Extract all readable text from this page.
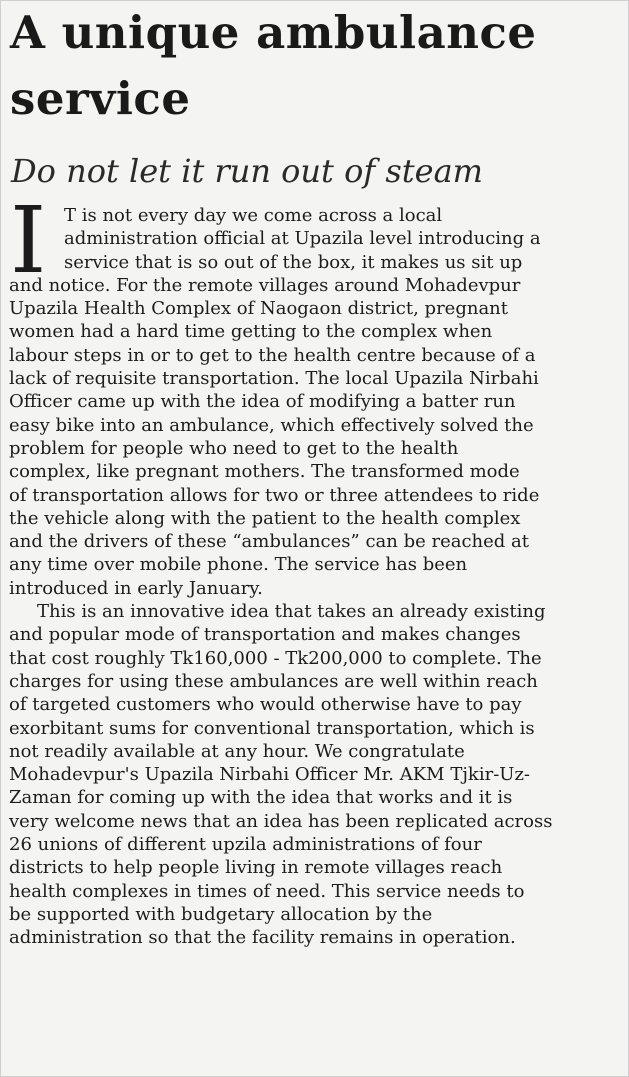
A unique ambulance
service
Do not let it run out of steam
I T is not every day we come across a local
administration official at Upazila level introducing a
service that is so out of the box, it makes us sit up
and notice. For the remote villages around Mohadevpur
Upazila Health Complex of Naogaon district, pregnant
women had a hard time getting to the complex when
labour steps in or to get to the health centre because of a
lack of requisite transportation. The local Upazila Nirbahi
Officer came up with the idea of modifying a batter run
easy bike into an ambulance, which effectively solved the
problem for people who need to get to the health
complex, like pregnant mothers. The transformed mode
of transportation allows for two or three attendees to ride
the vehicle along with the patient to the health complex
and the drivers of these “ambulances” can be reached at
any time over mobile phone. The service has been
introduced in early January.
This is an innovative idea that takes an already existing
and popular mode of transportation and makes changes
that cost roughly Tk160,000 - Tk200,000 to complete. The
charges for using these ambulances are well within reach
of targeted customers who would otherwise have to pay
exorbitant sums for conventional transportation, which is
not readily available at any hour. We congratulate
Mohadevpur's Upazila Nirbahi Officer Mr. AKM Tjkir-Uz-
Zaman for coming up with the idea that works and it is
very welcome news that an idea has been replicated across
26 unions of different upzila administrations of four
districts to help people living in remote villages reach
health complexes in times of need. This service needs to
be supported with budgetary allocation by the
administration so that the facility remains in operation.
